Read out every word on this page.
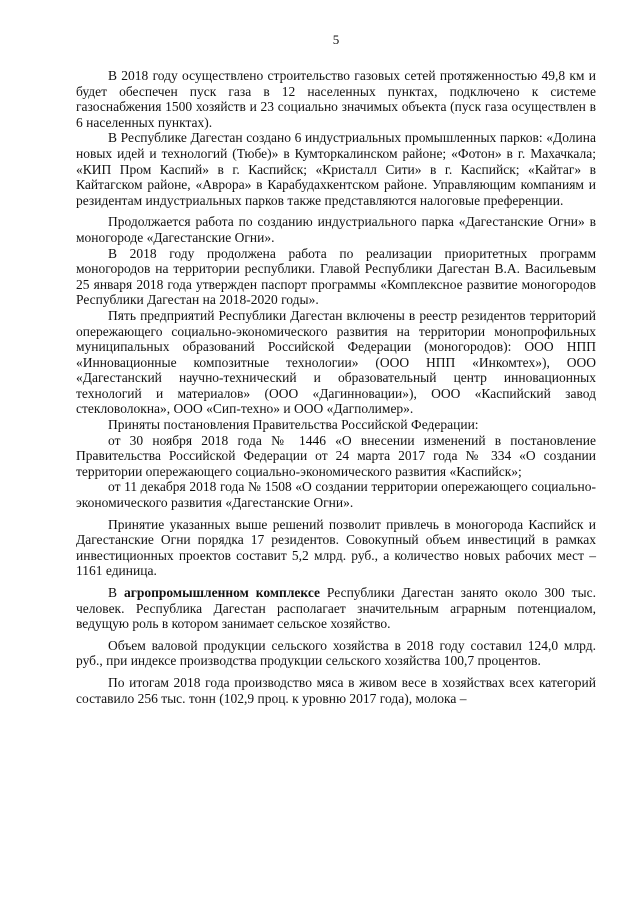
5

В 2018 году осуществлено строительство газовых сетей протяженностью 49,8 км и будет обеспечен пуск газа в 12 населенных пунктах, подключено к системе газоснабжения 1500 хозяйств и 23 социально значимых объекта (пуск газа осуществлен в 6 населенных пунктах).

В Республике Дагестан создано 6 индустриальных промышленных парков: «Долина новых идей и технологий (Тюбе)» в Кумторкалинском районе; «Фотон» в г. Махачкала; «КИП Пром Каспий» в г. Каспийск; «Кристалл Сити» в г. Каспийск; «Кайтаг» в Кайтагском районе, «Аврора» в Карабудахкентском районе. Управляющим компаниям и резидентам индустриальных парков также представляются налоговые преференции.

Продолжается работа по созданию индустриального парка «Дагестанские Огни» в моногороде «Дагестанские Огни».

В 2018 году продолжена работа по реализации приоритетных программ моногородов на территории республики. Главой Республики Дагестан В.А. Васильевым 25 января 2018 года утвержден паспорт программы «Комплексное развитие моногородов Республики Дагестан на 2018-2020 годы».

Пять предприятий Республики Дагестан включены в реестр резидентов территорий опережающего социально-экономического развития на территории монопрофильных муниципальных образований Российской Федерации (моногородов): ООО НПП «Инновационные композитные технологии» (ООО НПП «Инкомтех»), ООО «Дагестанский научно-технический и образовательный центр инновационных технологий и материалов» (ООО «Дагинновации»), ООО «Каспийский завод стекловолокна», ООО «Сип-техно» и ООО «Дагполимер».

Приняты постановления Правительства Российской Федерации:

от 30 ноября 2018 года № 1446 «О внесении изменений в постановление Правительства Российской Федерации от 24 марта 2017 года № 334 «О создании территории опережающего социально-экономического развития «Каспийск»;

от 11 декабря 2018 года № 1508 «О создании территории опережающего социально-экономического развития «Дагестанские Огни».

Принятие указанных выше решений позволит привлечь в моногорода Каспийск и Дагестанские Огни порядка 17 резидентов. Совокупный объем инвестиций в рамках инвестиционных проектов составит 5,2 млрд. руб., а количество новых рабочих мест – 1161 единица.

В агропромышленном комплексе Республики Дагестан занято около 300 тыс. человек. Республика Дагестан располагает значительным аграрным потенциалом, ведущую роль в котором занимает сельское хозяйство.

Объем валовой продукции сельского хозяйства в 2018 году составил 124,0 млрд. руб., при индексе производства продукции сельского хозяйства 100,7 процентов.

По итогам 2018 года производство мяса в живом весе в хозяйствах всех категорий составило 256 тыс. тонн (102,9 проц. к уровню 2017 года), молока –
